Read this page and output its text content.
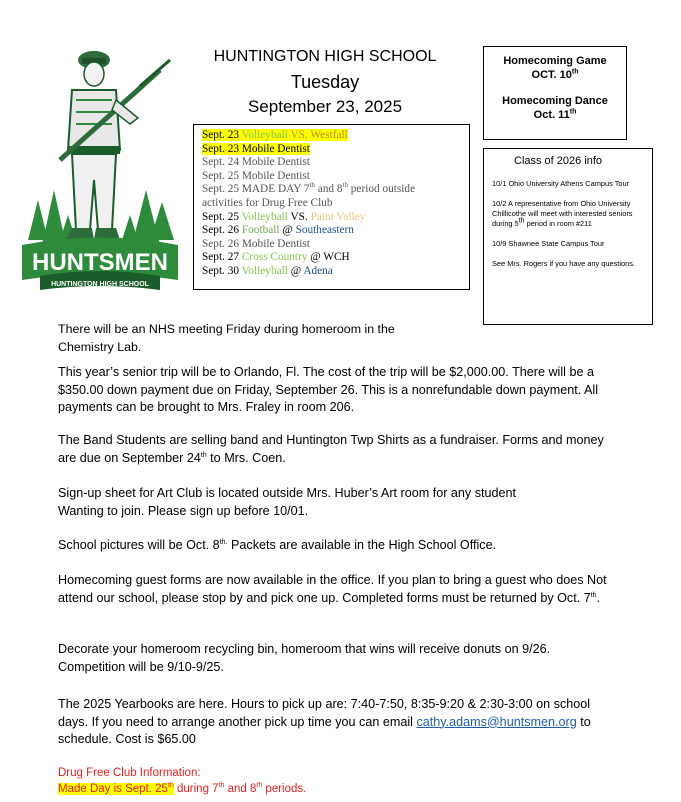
HUNTSMEN
HUNTINGTON HIGH SCHOOL
HUNTINGTON HIGH SCHOOL
Tuesday
September 23, 2025
Homecoming Game
OCT. 10th
Homecoming Dance
Oct. 11th
Sept. 23 Volleyball VS. Westfall
Sept. 23 Mobile Dentist
Sept. 24 Mobile Dentist
Sept. 25 Mobile Dentist
Sept. 25 MADE DAY 7th and 8th period outside
activities for Drug Free Club
Sept. 25 Volleyball VS. Paint Valley
Sept. 26 Football @ Southeastern
Sept. 26 Mobile Dentist
Sept. 27 Cross Country @ WCH
Sept. 30 Volleyball @ Adena
Class of 2026 info

10/1 Ohio University Athens Campus Tour

10/2 A representative from Ohio University Chillicothe will meet with interested seniors during 5th period in room #211

10/9 Shawnee State Campus Tour

See Mrs. Rogers if you have any questions.

There will be an NHS meeting Friday during homeroom in the Chemistry Lab.
This year’s senior trip will be to Orlando, Fl. The cost of the trip will be $2,000.00. There will be a $350.00 down payment due on Friday, September 26. This is a nonrefundable down payment. All payments can be brought to Mrs. Fraley in room 206.
The Band Students are selling band and Huntington Twp Shirts as a fundraiser. Forms and money are due on September 24th to Mrs. Coen.
Sign-up sheet for Art Club is located outside Mrs. Huber’s Art room for any student
Wanting to join. Please sign up before 10/01.
School pictures will be Oct. $8^{th.}$ Packets are available in the High School Office.
Homecoming guest forms are now available in the office. If you plan to bring a guest who does Not attend our school, please stop by and pick one up. Completed forms must be returned by Oct. 7th.
Decorate your homeroom recycling bin, homeroom that wins will receive donuts on 9/26. Competition will be 9/10-9/25.
The 2025 Yearbooks are here. Hours to pick up are: 7:40-7:50, 8:35-9:20 & 2:30-3:00 on school days. If you need to arrange another pick up time you can email cathy.adams@huntsmen.org to schedule. Cost is $65.00
Drug Free Club Information:
Made Day is Sept. 25th during 7th and 8th periods.
